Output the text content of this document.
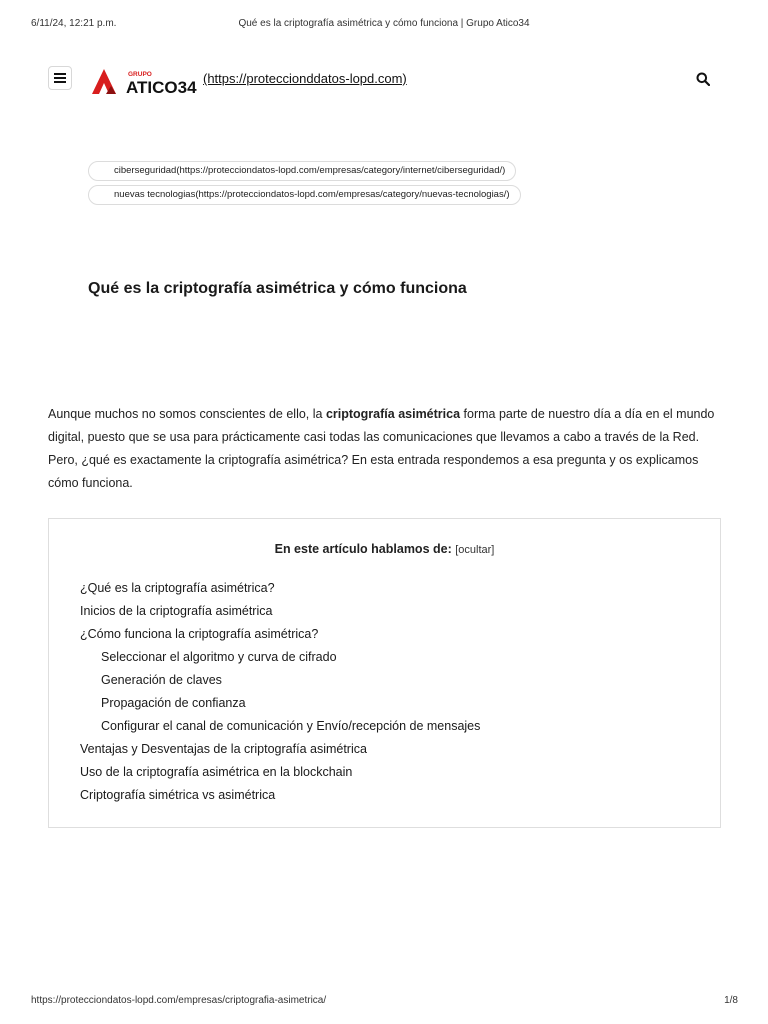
6/11/24, 12:21 p.m.	Qué es la criptografía asimétrica y cómo funciona | Grupo Atico34
GRUPO
ATICO34 (https://proteccionddatos-lopd.com)
ciberseguridad(https://protecciondatos-lopd.com/empresas/category/internet/ciberseguridad/)
nuevas tecnologias(https://protecciondatos-lopd.com/empresas/category/nuevas-tecnologias/)
Qué es la criptografía asimétrica y cómo funciona

Aunque muchos no somos conscientes de ello, la criptografía asimétrica forma parte de nuestro día a día en el mundo digital, puesto que se usa para prácticamente casi todas las comunicaciones que llevamos a cabo a través de la Red. Pero, ¿qué es exactamente la criptografía asimétrica? En esta entrada respondemos a esa pregunta y os explicamos cómo funciona.

En este artículo hablamos de: [ocultar]
¿Qué es la criptografía asimétrica?
Inicios de la criptografía asimétrica
¿Cómo funciona la criptografía asimétrica?
Seleccionar el algoritmo y curva de cifrado
Generación de claves
Propagación de confianza
Configurar el canal de comunicación y Envío/recepción de mensajes
Ventajas y Desventajas de la criptografía asimétrica
Uso de la criptografía asimétrica en la blockchain
Criptografía simétrica vs asimétrica
https://protecciondatos-lopd.com/empresas/criptografia-asimetrica/	1/8
